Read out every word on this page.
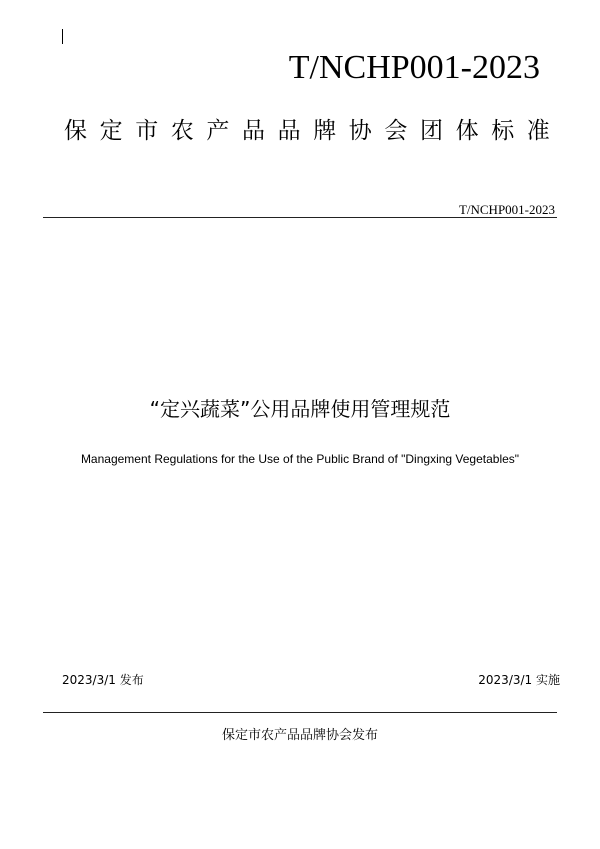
T/NCHP001-2023
保定市农产品品牌协会团体标准
T/NCHP001-2023
“定兴蔬菜”公用品牌使用管理规范
Management Regulations for the Use of the Public Brand of "Dingxing Vegetables"
2023/3/1 发布	2023/3/1 实施
保定市农产品品牌协会发布
